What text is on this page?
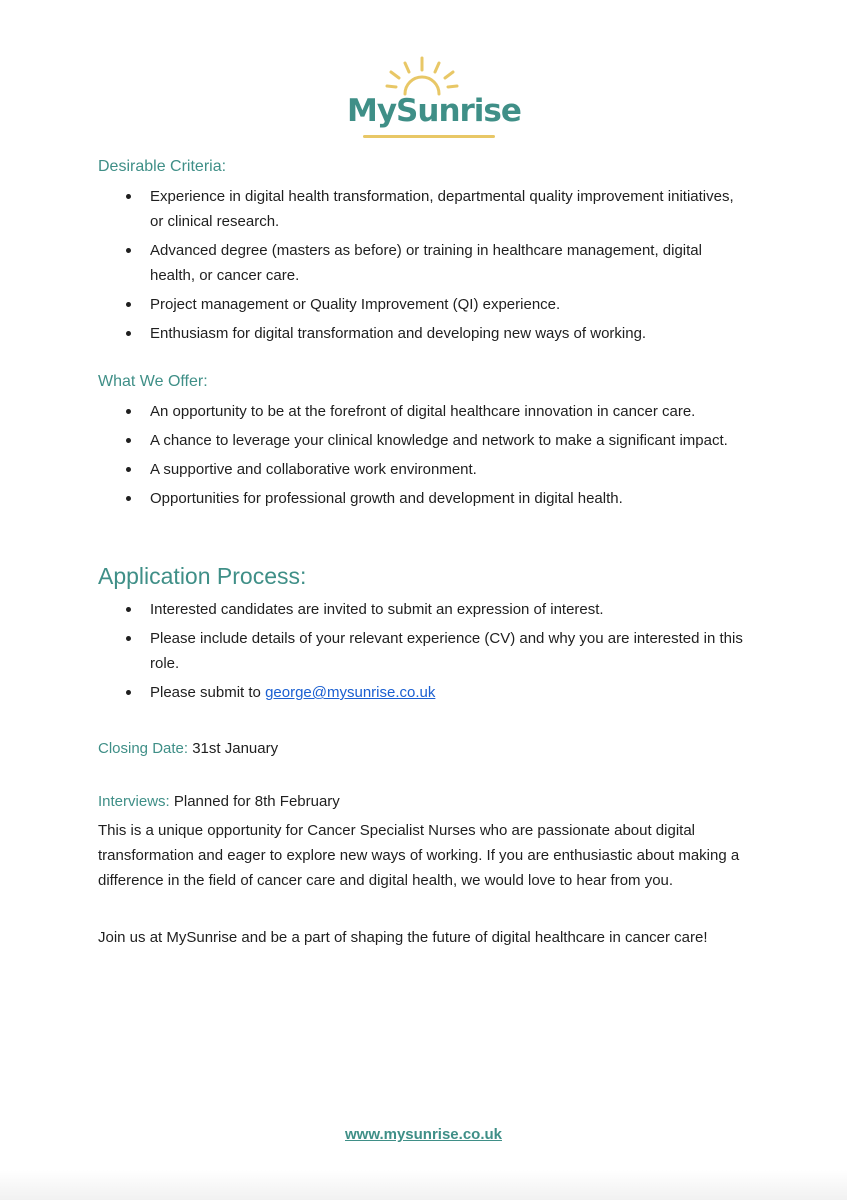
MySunrise
Desirable Criteria:
Experience in digital health transformation, departmental quality improvement initiatives, or clinical research.
Advanced degree (masters as before) or training in healthcare management, digital health, or cancer care.
Project management or Quality Improvement (QI) experience.
Enthusiasm for digital transformation and developing new ways of working.
What We Offer:
An opportunity to be at the forefront of digital healthcare innovation in cancer care.
A chance to leverage your clinical knowledge and network to make a significant impact.
A supportive and collaborative work environment.
Opportunities for professional growth and development in digital health.
Application Process:
Interested candidates are invited to submit an expression of interest.
Please include details of your relevant experience (CV) and why you are interested in this role.
Please submit to george@mysunrise.co.uk
Closing Date: 31st January
Interviews: Planned for 8th February

This is a unique opportunity for Cancer Specialist Nurses who are passionate about digital transformation and eager to explore new ways of working. If you are enthusiastic about making a difference in the field of cancer care and digital health, we would love to hear from you.

Join us at MySunrise and be a part of shaping the future of digital healthcare in cancer care!

www.mysunrise.co.uk
